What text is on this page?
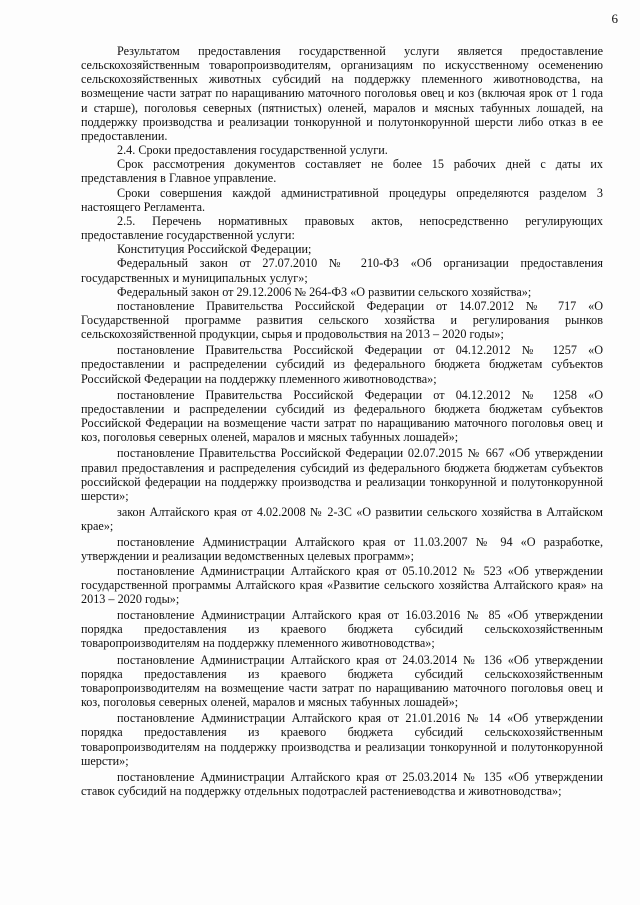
6

Результатом предоставления государственной услуги является предоставление сельскохозяйственным товаропроизводителям, организациям по искусственному осеменению сельскохозяйственных животных субсидий на поддержку племенного животноводства, на возмещение части затрат по наращиванию маточного поголовья овец и коз (включая ярок от 1 года и старше), поголовья северных (пятнистых) оленей, маралов и мясных табунных лошадей, на поддержку производства и реализации тонкорунной и полутонкорунной шерсти либо отказ в ее предоставлении.

2.4. Сроки предоставления государственной услуги.

Срок рассмотрения документов составляет не более 15 рабочих дней с даты их представления в Главное управление.

Сроки совершения каждой административной процедуры определяются разделом 3 настоящего Регламента.

2.5. Перечень нормативных правовых актов, непосредственно регулирующих предоставление государственной услуги:

Конституция Российской Федерации;

Федеральный закон от 27.07.2010 № 210-ФЗ «Об организации предоставления государственных и муниципальных услуг»;

Федеральный закон от 29.12.2006 № 264-ФЗ «О развитии сельского хозяйства»;

постановление Правительства Российской Федерации от 14.07.2012 № 717 «О Государственной программе развития сельского хозяйства и регулирования рынков сельскохозяйственной продукции, сырья и продовольствия на 2013 – 2020 годы»;

постановление Правительства Российской Федерации от 04.12.2012 № 1257 «О предоставлении и распределении субсидий из федерального бюджета бюджетам субъектов Российской Федерации на поддержку племенного животноводства»;

постановление Правительства Российской Федерации от 04.12.2012 № 1258 «О предоставлении и распределении субсидий из федерального бюджета бюджетам субъектов Российской Федерации на возмещение части затрат по наращиванию маточного поголовья овец и коз, поголовья северных оленей, маралов и мясных табунных лошадей»;

постановление Правительства Российской Федерации 02.07.2015 № 667 «Об утверждении правил предоставления и распределения субсидий из федерального бюджета бюджетам субъектов российской федерации на поддержку производства и реализации тонкорунной и полутонкорунной шерсти»;

закон Алтайского края от 4.02.2008 № 2-ЗС «О развитии сельского хозяйства в Алтайском крае»;

постановление Администрации Алтайского края от 11.03.2007 № 94 «О разработке, утверждении и реализации ведомственных целевых программ»;

постановление Администрации Алтайского края от 05.10.2012 № 523 «Об утверждении государственной программы Алтайского края «Развитие сельского хозяйства Алтайского края» на 2013 – 2020 годы»;

постановление Администрации Алтайского края от 16.03.2016 № 85 «Об утверждении порядка предоставления из краевого бюджета субсидий сельскохозяйственным товаропроизводителям на поддержку племенного животноводства»;

постановление Администрации Алтайского края от 24.03.2014 № 136 «Об утверждении порядка предоставления из краевого бюджета субсидий сельскохозяйственным товаропроизводителям на возмещение части затрат по наращиванию маточного поголовья овец и коз, поголовья северных оленей, маралов и мясных табунных лошадей»;

постановление Администрации Алтайского края от 21.01.2016 № 14 «Об утверждении порядка предоставления из краевого бюджета субсидий сельскохозяйственным товаропроизводителям на поддержку производства и реализации тонкорунной и полутонкорунной шерсти»;

постановление Администрации Алтайского края от 25.03.2014 № 135 «Об утверждении ставок субсидий на поддержку отдельных подотраслей растениеводства и животноводства»;
